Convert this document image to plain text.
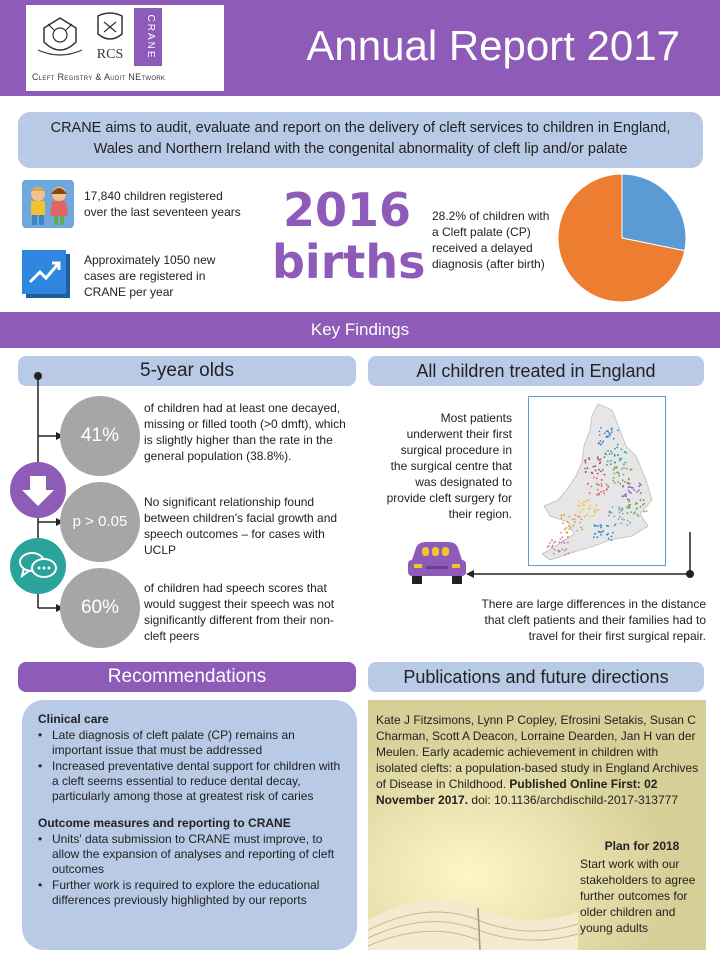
RCS CRANE
Cleft Registry & Audit NEtwork
Annual Report 2017
CRANE aims to audit, evaluate and report on the delivery of cleft services to children in England,
Wales and Northern Ireland with the congenital abnormality of cleft lip and/or palate
17,840 children registered
over the last seventeen years
Approximately 1050 new
cases are registered in
CRANE per year
2016
births
28.2% of children with
a Cleft palate (CP)
received a delayed
diagnosis (after birth)
Key Findings
5-year olds
41%
of children had at least one decayed,
missing or filled tooth (>0 dmft), which
is slightly higher than the rate in the
general population (38.8%).
p > 0.05
No significant relationship found
between children's facial growth and
speech outcomes – for cases with
UCLP
60%
of children had speech scores that
would suggest their speech was not
significantly different from their non-
cleft peers
All children treated in England
Most patients
underwent their first
surgical procedure in
the surgical centre that
was designated to
provide cleft surgery for
their region.
There are large differences in the distance
that cleft patients and their families had to
travel for their first surgical repair.
Recommendations
Clinical care
• Late diagnosis of cleft palate (CP) remains an important issue that must be addressed
• Increased preventative dental support for children with a cleft seems essential to reduce dental decay, particularly among those at greatest risk of caries
Outcome measures and reporting to CRANE
• Units' data submission to CRANE must improve, to allow the expansion of analyses and reporting of cleft outcomes
• Further work is required to explore the educational differences previously highlighted by our reports
Publications and future directions
Kate J Fitzsimons, Lynn P Copley, Efrosini Setakis, Susan C Charman, Scott A Deacon, Lorraine Dearden, Jan H van der Meulen. Early academic achievement in children with isolated clefts: a population-based study in England Archives of Disease in Childhood. Published Online First: 02 November 2017. doi: 10.1136/archdischild-2017-313777
Plan for 2018
Start work with our
stakeholders to agree
further outcomes for
older children and
young adults
